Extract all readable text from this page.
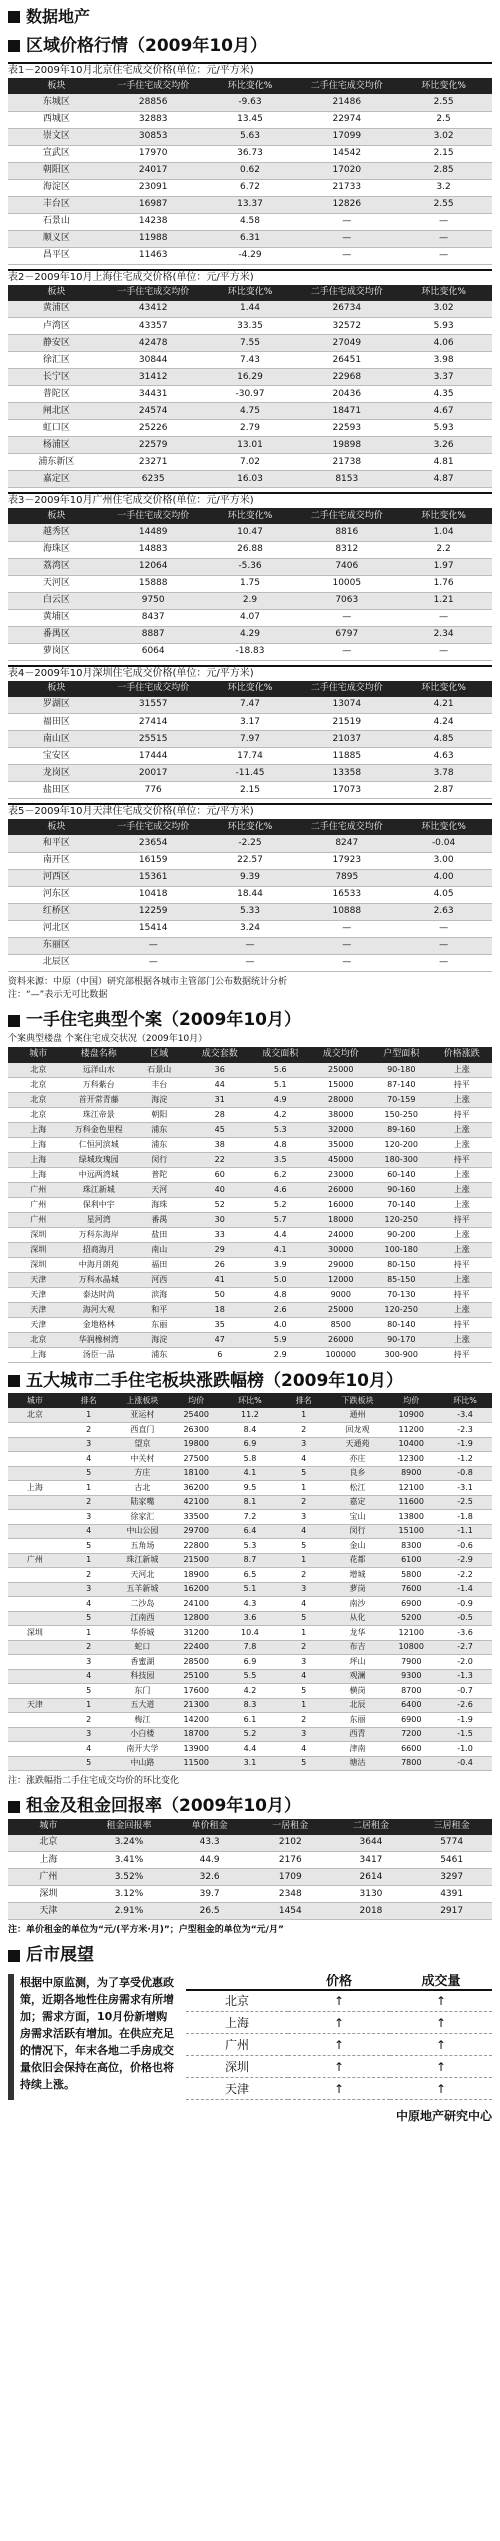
数据地产
区域价格行情（2009年10月）
表1－2009年10月北京住宅成交价格(单位：元/平方米)
板块	一手住宅成交均价	环比变化%	二手住宅成交均价	环比变化%
东城区	28856	-9.63	21486	2.55
西城区	32883	13.45	22974	2.5
崇文区	30853	5.63	17099	3.02
宣武区	17970	36.73	14542	2.15
朝阳区	24017	0.62	17020	2.85
海淀区	23091	6.72	21733	3.2
丰台区	16987	13.37	12826	2.55
石景山	14238	4.58	—	—
顺义区	11988	6.31	—	—
昌平区	11463	-4.29	—	—
表2－2009年10月上海住宅成交价格(单位：元/平方米)
板块	一手住宅成交均价	环比变化%	二手住宅成交均价	环比变化%
黄浦区	43412	1.44	26734	3.02
卢湾区	43357	33.35	32572	5.93
静安区	42478	7.55	27049	4.06
徐汇区	30844	7.43	26451	3.98
长宁区	31412	16.29	22968	3.37
普陀区	34431	-30.97	20436	4.35
闸北区	24574	4.75	18471	4.67
虹口区	25226	2.79	22593	5.93
杨浦区	22579	13.01	19898	3.26
浦东新区	23271	7.02	21738	4.81
嘉定区	6235	16.03	8153	4.87
表3－2009年10月广州住宅成交价格(单位：元/平方米)
板块	一手住宅成交均价	环比变化%	二手住宅成交均价	环比变化%
越秀区	14489	10.47	8816	1.04
海珠区	14883	26.88	8312	2.2
荔湾区	12064	-5.36	7406	1.97
天河区	15888	1.75	10005	1.76
白云区	9750	2.9	7063	1.21
黄埔区	8437	4.07	—	—
番禺区	8887	4.29	6797	2.34
萝岗区	6064	-18.83	—	—
表4－2009年10月深圳住宅成交价格(单位：元/平方米)
板块	一手住宅成交均价	环比变化%	二手住宅成交均价	环比变化%
罗湖区	31557	7.47	13074	4.21
福田区	27414	3.17	21519	4.24
南山区	25515	7.97	21037	4.85
宝安区	17444	17.74	11885	4.63
龙岗区	20017	-11.45	13358	3.78
盐田区	776	2.15	17073	2.87
表5－2009年10月天津住宅成交价格(单位：元/平方米)
板块	一手住宅成交均价	环比变化%	二手住宅成交均价	环比变化%
和平区	23654	-2.25	8247	-0.04
南开区	16159	22.57	17923	3.00
河西区	15361	9.39	7895	4.00
河东区	10418	18.44	16533	4.05
红桥区	12259	5.33	10888	2.63
河北区	15414	3.24	—	—
东丽区	—	—	—	—
北辰区	—	—	—	—
资料来源：中原（中国）研究部根据各城市主管部门公布数据统计分析
注：“—”表示无可比数据
一手住宅典型个案（2009年10月）
个案典型楼盘 个案住宅成交状况（2009年10月）
城市	楼盘名称	区域	成交套数	成交面积	成交均价	户型面积	价格涨跌
北京	远洋山水	石景山	36	5.6	25000	90-180	上涨
北京	万科紫台	丰台	44	5.1	15000	87-140	持平
北京	首开常青藤	海淀	31	4.9	28000	70-159	上涨
北京	珠江帝景	朝阳	28	4.2	38000	150-250	持平
上海	万科金色里程	浦东	45	5.3	32000	89-160	上涨
上海	仁恒河滨城	浦东	38	4.8	35000	120-200	上涨
上海	绿城玫瑰园	闵行	22	3.5	45000	180-300	持平
上海	中远两湾城	普陀	60	6.2	23000	60-140	上涨
广州	珠江新城	天河	40	4.6	26000	90-160	上涨
广州	保利中宇	海珠	52	5.2	16000	70-140	上涨
广州	星河湾	番禺	30	5.7	18000	120-250	持平
深圳	万科东海岸	盐田	33	4.4	24000	90-200	上涨
深圳	招商海月	南山	29	4.1	30000	100-180	上涨
深圳	中海月朗苑	福田	26	3.9	29000	80-150	持平
天津	万科水晶城	河西	41	5.0	12000	85-150	上涨
天津	泰达时尚	滨海	50	4.8	9000	70-130	持平
天津	海河大观	和平	18	2.6	25000	120-250	上涨
天津	金地格林	东丽	35	4.0	8500	80-140	持平
北京	华润橡树湾	海淀	47	5.9	26000	90-170	上涨
上海	汤臣一品	浦东	6	2.9	100000	300-900	持平
五大城市二手住宅板块涨跌幅榜（2009年10月）
城市	排名	上涨板块	均价	环比%	排名	下跌板块	均价	环比%
北京	1	亚运村	25400	11.2	1	通州	10900	-3.4
	2	西直门	26300	8.4	2	回龙观	11200	-2.3
	3	望京	19800	6.9	3	天通苑	10400	-1.9
	4	中关村	27500	5.8	4	亦庄	12300	-1.2
	5	方庄	18100	4.1	5	良乡	8900	-0.8
上海	1	古北	36200	9.5	1	松江	12100	-3.1
	2	陆家嘴	42100	8.1	2	嘉定	11600	-2.5
	3	徐家汇	33500	7.2	3	宝山	13800	-1.8
	4	中山公园	29700	6.4	4	闵行	15100	-1.1
	5	五角场	22800	5.3	5	金山	8300	-0.6
广州	1	珠江新城	21500	8.7	1	花都	6100	-2.9
	2	天河北	18900	6.5	2	增城	5800	-2.2
	3	五羊新城	16200	5.1	3	萝岗	7600	-1.4
	4	二沙岛	24100	4.3	4	南沙	6900	-0.9
	5	江南西	12800	3.6	5	从化	5200	-0.5
深圳	1	华侨城	31200	10.4	1	龙华	12100	-3.6
	2	蛇口	22400	7.8	2	布吉	10800	-2.7
	3	香蜜湖	28500	6.9	3	坪山	7900	-2.0
	4	科技园	25100	5.5	4	观澜	9300	-1.3
	5	东门	17600	4.2	5	横岗	8700	-0.7
天津	1	五大道	21300	8.3	1	北辰	6400	-2.6
	2	梅江	14200	6.1	2	东丽	6900	-1.9
	3	小白楼	18700	5.2	3	西青	7200	-1.5
	4	南开大学	13900	4.4	4	津南	6600	-1.0
	5	中山路	11500	3.1	5	塘沽	7800	-0.4
注：涨跌幅指二手住宅成交均价的环比变化
租金及租金回报率（2009年10月）
城市	租金回报率	单价租金	一居租金	二居租金	三居租金
北京	3.24%	43.3	2102	3644	5774
上海	3.41%	44.9	2176	3417	5461
广州	3.52%	32.6	1709	2614	3297
深圳	3.12%	39.7	2348	3130	4391
天津	2.91%	26.5	1454	2018	2917
注：单价租金的单位为“元/(平方米·月)”；户型租金的单位为“元/月”
后市展望
根据中原监测，为了享受优惠政策，近期各地性住房需求有所增加；需求方面，10月份新增购房需求活跃有增加。在供应充足的情况下，年末各地二手房成交量依旧会保持在高位，价格也将持续上涨。
	价格	成交量
北京	↑	↑
上海	↑	↑
广州	↑	↑
深圳	↑	↑
天津	↑	↑
中原地产研究中心
